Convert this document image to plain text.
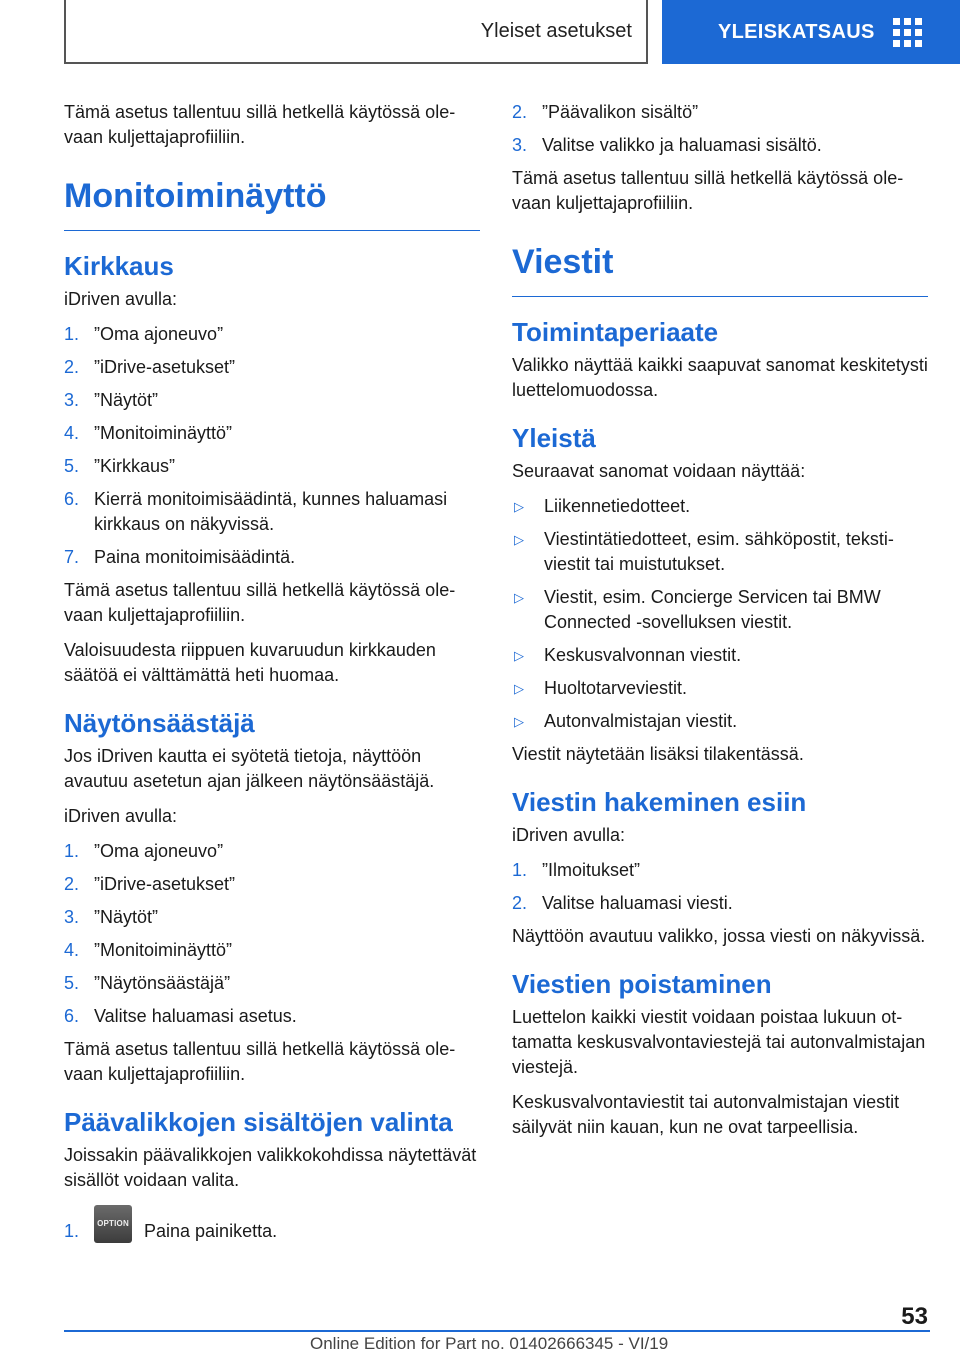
Yleiset asetukset	YLEISKATSAUS

Tämä asetus tallentuu sillä hetkellä käytössä olevaan kuljettajaprofiiliin.

Monitoiminäyttö
Kirkkaus

iDriven avulla:

1. ”Oma ajoneuvo”
2. ”iDrive-asetukset”
3. ”Näytöt”
4. ”Monitoiminäyttö”
5. ”Kirkkaus”
6. Kierrä monitoimisäädintä, kunnes haluamasi kirkkaus on näkyvissä.
7. Paina monitoimisäädintä.

Tämä asetus tallentuu sillä hetkellä käytössä olevaan kuljettajaprofiiliin.

Valoisuudesta riippuen kuvaruudun kirkkauden säätöä ei välttämättä heti huomaa.

Näytönsäästäjä

Jos iDriven kautta ei syötetä tietoja, näyttöön avautuu asetetun ajan jälkeen näytönsäästäjä.

iDriven avulla:

1. ”Oma ajoneuvo”
2. ”iDrive-asetukset”
3. ”Näytöt”
4. ”Monitoiminäyttö”
5. ”Näytönsäästäjä”
6. Valitse haluamasi asetus.

Tämä asetus tallentuu sillä hetkellä käytössä olevaan kuljettajaprofiiliin.

Päävalikkojen sisältöjen valinta

Joissakin päävalikkojen valikkokohdissa näytettävät sisällöt voidaan valita.

1.	OPTION Paina painiketta.
2. ”Päävalikon sisältö”
3. Valitse valikko ja haluamasi sisältö.

Tämä asetus tallentuu sillä hetkellä käytössä olevaan kuljettajaprofiiliin.

Viestit
Toimintaperiaate

Valikko näyttää kaikki saapuvat sanomat keskitetysti luettelomuodossa.

Yleistä

Seuraavat sanomat voidaan näyttää:

▷	Liikennetiedotteet.
▷	Viestintätiedotteet, esim. sähköpostit, tekstiviestit tai muistutukset.
▷	Viestit, esim. Concierge Servicen tai BMW Connected -sovelluksen viestit.
▷	Keskusvalvonnan viestit.
▷	Huoltotarveviestit.
▷	Autonvalmistajan viestit.

Viestit näytetään lisäksi tilakentässä.

Viestin hakeminen esiin

iDriven avulla:

1. ”Ilmoitukset”
2. Valitse haluamasi viesti.

Näyttöön avautuu valikko, jossa viesti on näkyvissä.

Viestien poistaminen

Luettelon kaikki viestit voidaan poistaa lukuun ottamatta keskusvalvontaviestejä tai autonvalmistajan viestejä.

Keskusvalvontaviestit tai autonvalmistajan viestit säilyvät niin kauan, kun ne ovat tarpeellisia.

53
Online Edition for Part no. 01402666345 - VI/19
